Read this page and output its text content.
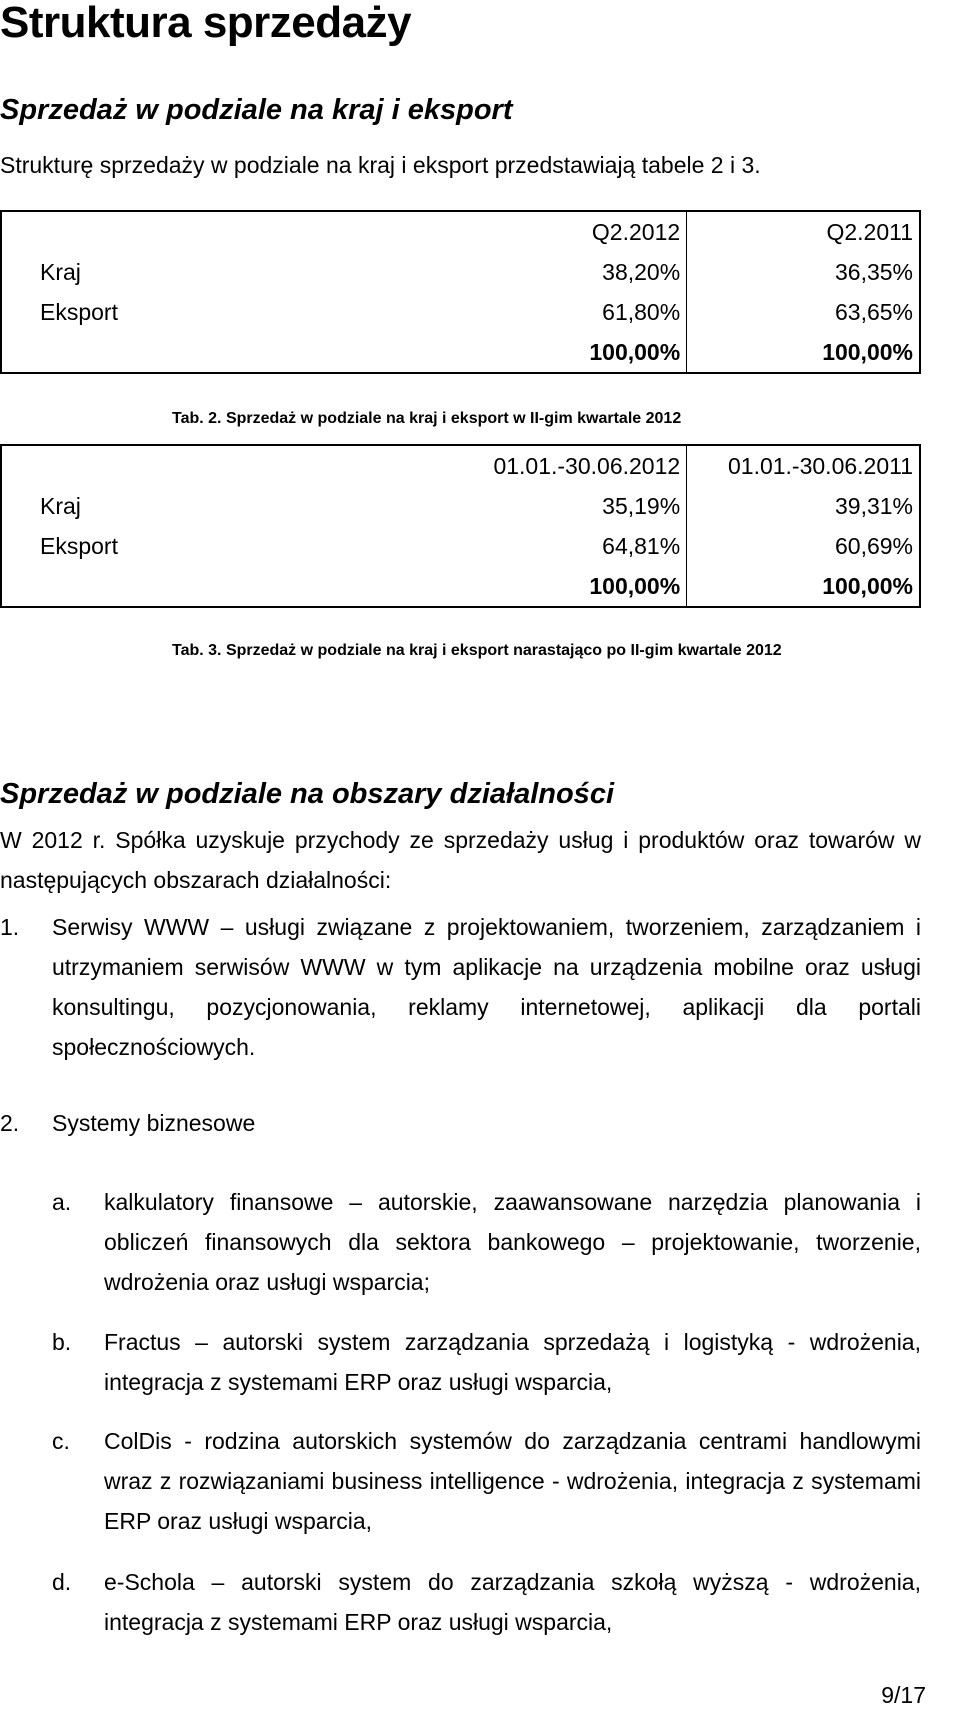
Struktura sprzedaży
Sprzedaż w podziale na kraj i eksport
Strukturę sprzedaży w podziale na kraj i eksport przedstawiają tabele 2 i 3.
	Q2.2012	Q2.2011
Kraj	38,20%	36,35%
Eksport	61,80%	63,65%
	100,00%	100,00%
Tab. 2. Sprzedaż w podziale na kraj i eksport w II-gim kwartale 2012
	01.01.-30.06.2012	01.01.-30.06.2011
Kraj	35,19%	39,31%
Eksport	64,81%	60,69%
	100,00%	100,00%
Tab. 3. Sprzedaż w podziale na kraj i eksport narastająco po II-gim kwartale 2012
Sprzedaż w podziale na obszary działalności
W 2012 r. Spółka uzyskuje przychody ze sprzedaży usług i produktów oraz towarów w następujących obszarach działalności:
1. Serwisy WWW – usługi związane z projektowaniem, tworzeniem, zarządzaniem i utrzymaniem serwisów WWW w tym aplikacje na urządzenia mobilne oraz usługi konsultingu, pozycjonowania, reklamy internetowej, aplikacji dla portali społecznościowych.
2. Systemy biznesowe
a. kalkulatory finansowe – autorskie, zaawansowane narzędzia planowania i obliczeń finansowych dla sektora bankowego – projektowanie, tworzenie, wdrożenia oraz usługi wsparcia;
b. Fractus – autorski system zarządzania sprzedażą i logistyką - wdrożenia, integracja z systemami ERP oraz usługi wsparcia,
c. ColDis - rodzina autorskich systemów do zarządzania centrami handlowymi wraz z rozwiązaniami business intelligence - wdrożenia, integracja z systemami ERP oraz usługi wsparcia,
d. e-Schola – autorski system do zarządzania szkołą wyższą - wdrożenia, integracja z systemami ERP oraz usługi wsparcia,
9/17
